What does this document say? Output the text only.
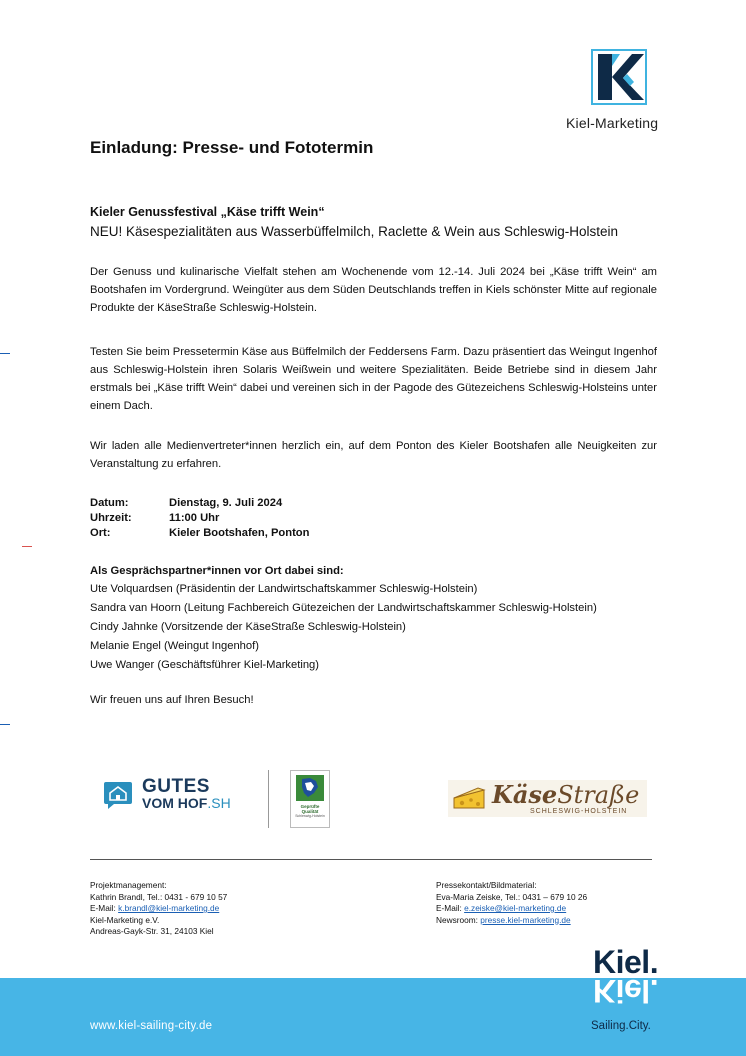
Kiel-Marketing
Einladung: Presse- und Fototermin
Kieler Genussfestival „Käse trifft Wein“
NEU! Käsespezialitäten aus Wasserbüffelmilch, Raclette & Wein aus Schleswig-Holstein
Der Genuss und kulinarische Vielfalt stehen am Wochenende vom 12.-14. Juli 2024 bei „Käse trifft Wein“ am Bootshafen im Vordergrund. Weingüter aus dem Süden Deutschlands treffen in Kiels schönster Mitte auf regionale Produkte der KäseStraße Schleswig-Holstein.
Testen Sie beim Pressetermin Käse aus Büffelmilch der Feddersens Farm. Dazu präsentiert das Weingut Ingenhof aus Schleswig-Holstein ihren Solaris Weißwein und weitere Spezialitäten. Beide Betriebe sind in diesem Jahr erstmals bei „Käse trifft Wein“ dabei und vereinen sich in der Pagode des Gütezeichens Schleswig-Holsteins unter einem Dach.
Wir laden alle Medienvertreter*innen herzlich ein, auf dem Ponton des Kieler Bootshafen alle Neuigkeiten zur Veranstaltung zu erfahren.
Datum:	Dienstag, 9. Juli 2024
Uhrzeit:	11:00 Uhr
Ort:	Kieler Bootshafen, Ponton
Als Gesprächspartner*innen vor Ort dabei sind:
Ute Volquardsen (Präsidentin der Landwirtschaftskammer Schleswig-Holstein)
Sandra van Hoorn (Leitung Fachbereich Gütezeichen der Landwirtschaftskammer Schleswig-Holstein)
Cindy Jahnke (Vorsitzende der KäseStraße Schleswig-Holstein)
Melanie Engel (Weingut Ingenhof)
Uwe Wanger (Geschäftsführer Kiel-Marketing)
Wir freuen uns auf Ihren Besuch!
GUTES
VOM HOF.SH	Geprüfte
Qualität
Schleswig-Holstein
KäseStraße
SCHLESWIG-HOLSTEIN
Projektmanagement:
Kathrin Brandl, Tel.: 0431 - 679 10 57
E-Mail: k.brandl@kiel-marketing.de
Kiel-Marketing e.V.
Andreas-Gayk-Str. 31, 24103 Kiel
Pressekontakt/Bildmaterial:
Eva-Maria Zeiske, Tel.: 0431 – 679 10 26
E-Mail: e.zeiske@kiel-marketing.de
Newsroom: presse.kiel-marketing.de
www.kiel-sailing-city.de
Kiel.
Kiel.
Sailing.City.
